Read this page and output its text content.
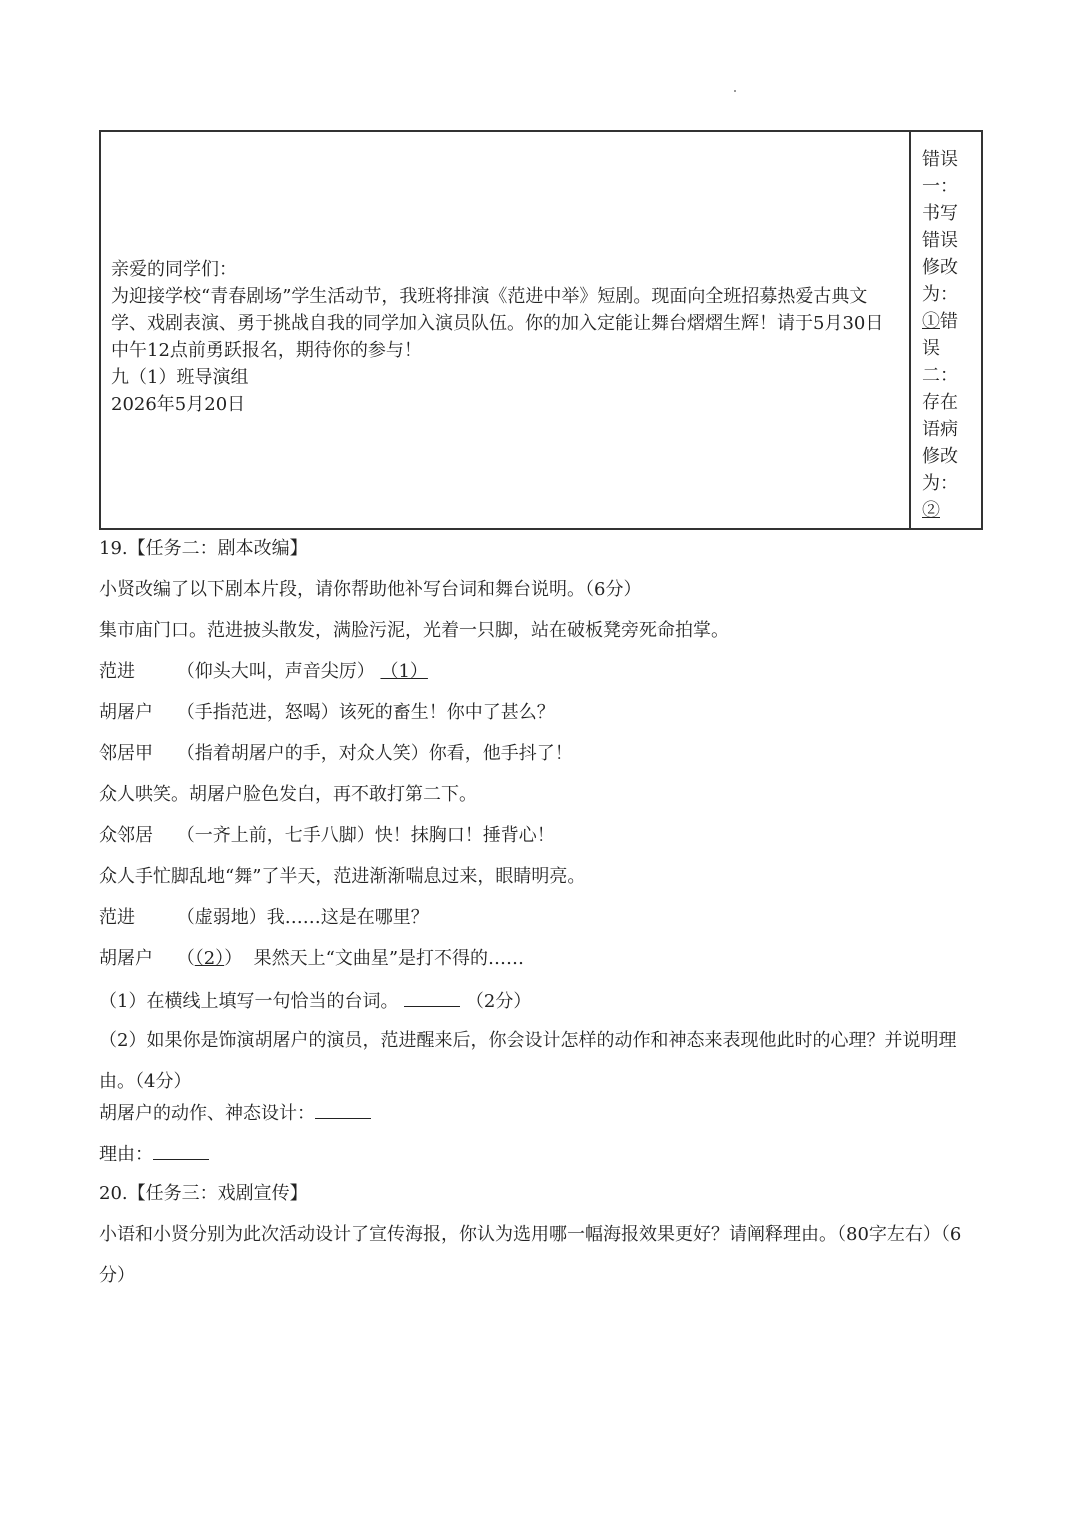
亲爱的同学们：
为迎接学校“青春剧场”学生活动节，我班将排演《范进中举》短剧。现面向全班招募热爱古典文学、戏剧表演、勇于挑战自我的同学加入演员队伍。你的加入定能让舞台熠熠生辉！请于5月30日中午12点前勇跃报名，期待你的参与！
九（1）班导演组
2026年5月20日
错误一：书写错误修改为：①错误二：存在语病修改为：②
19.【任务二：剧本改编】
小贤改编了以下剧本片段，请你帮助他补写台词和舞台说明。（6分）
集市庙门口。范进披头散发，满脸污泥，光着一只脚，站在破板凳旁死命拍掌。
范进 （仰头大叫，声音尖厉） （1）
胡屠户 （手指范进，怒喝）该死的畜生！你中了甚么？
邻居甲 （指着胡屠户的手，对众人笑）你看，他手抖了！
众人哄笑。胡屠户脸色发白，再不敢打第二下。
众邻居 （一齐上前，七手八脚）快！抹胸口！捶背心！
众人手忙脚乱地“舞”了半天，范进渐渐喘息过来，眼睛明亮。
范进 （虚弱地）我……这是在哪里？
胡屠户 （（2）） 果然天上“文曲星”是打不得的……
（1）在横线上填写一句恰当的台词。	（2分）
（2）如果你是饰演胡屠户的演员，范进醒来后，你会设计怎样的动作和神态来表现他此时的心理？并说明理由。（4分）
胡屠户的动作、神态设计：
理由：
20.【任务三：戏剧宣传】
小语和小贤分别为此次活动设计了宣传海报，你认为选用哪一幅海报效果更好？请阐释理由。（80字左右）（6分）
